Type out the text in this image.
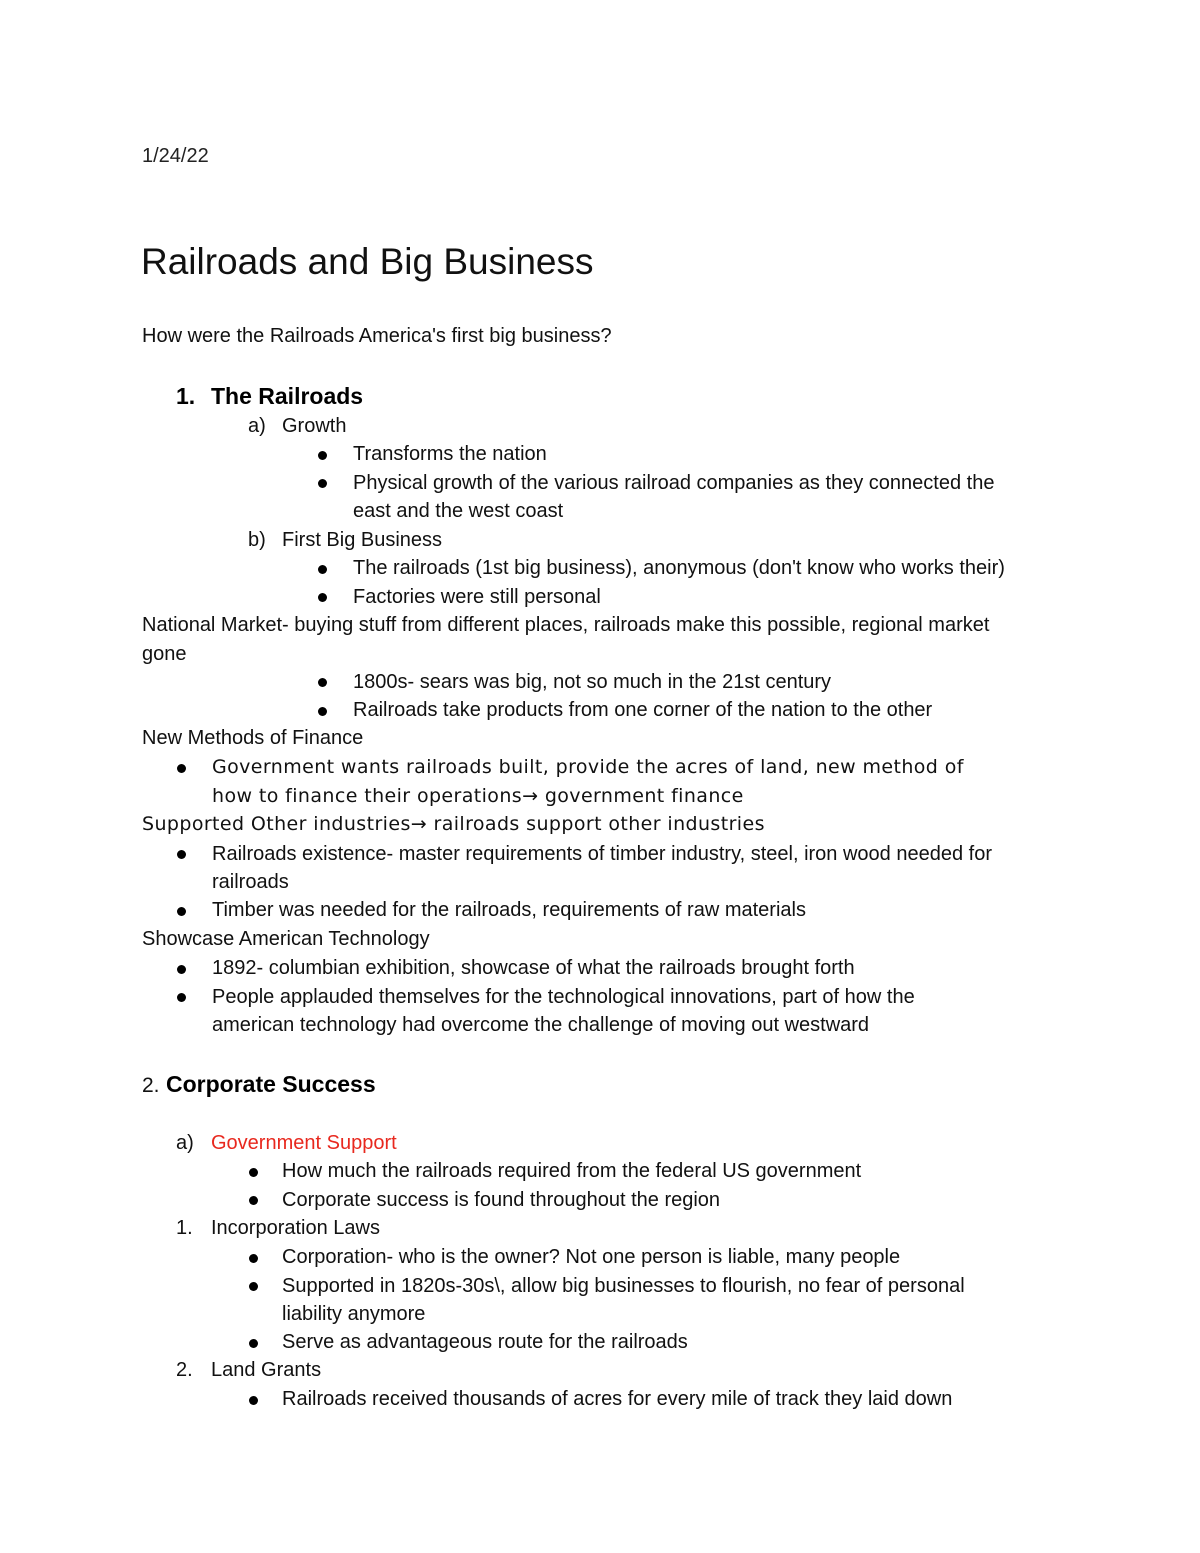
1/24/22
Railroads and Big Business
How were the Railroads America's first big business?
1. The Railroads
a) Growth
Transforms the nation
Physical growth of the various railroad companies as they connected the
east and the west coast
b) First Big Business
The railroads (1st big business), anonymous (don't know who works their)
Factories were still personal
National Market- buying stuff from different places, railroads make this possible, regional market
gone
1800s- sears was big, not so much in the 21st century
Railroads take products from one corner of the nation to the other
New Methods of Finance
Government wants railroads built, provide the acres of land, new method of
how to finance their operations→ government finance
Supported Other industries→ railroads support other industries
Railroads existence- master requirements of timber industry, steel, iron wood needed for
railroads
Timber was needed for the railroads, requirements of raw materials
Showcase American Technology
1892- columbian exhibition, showcase of what the railroads brought forth
People applauded themselves for the technological innovations, part of how the
american technology had overcome the challenge of moving out westward
2. Corporate Success
a) Government Support
How much the railroads required from the federal US government
Corporate success is found throughout the region
1. Incorporation Laws
Corporation- who is the owner? Not one person is liable, many people
Supported in 1820s-30s\, allow big businesses to flourish, no fear of personal
liability anymore
Serve as advantageous route for the railroads
2. Land Grants
Railroads received thousands of acres for every mile of track they laid down
